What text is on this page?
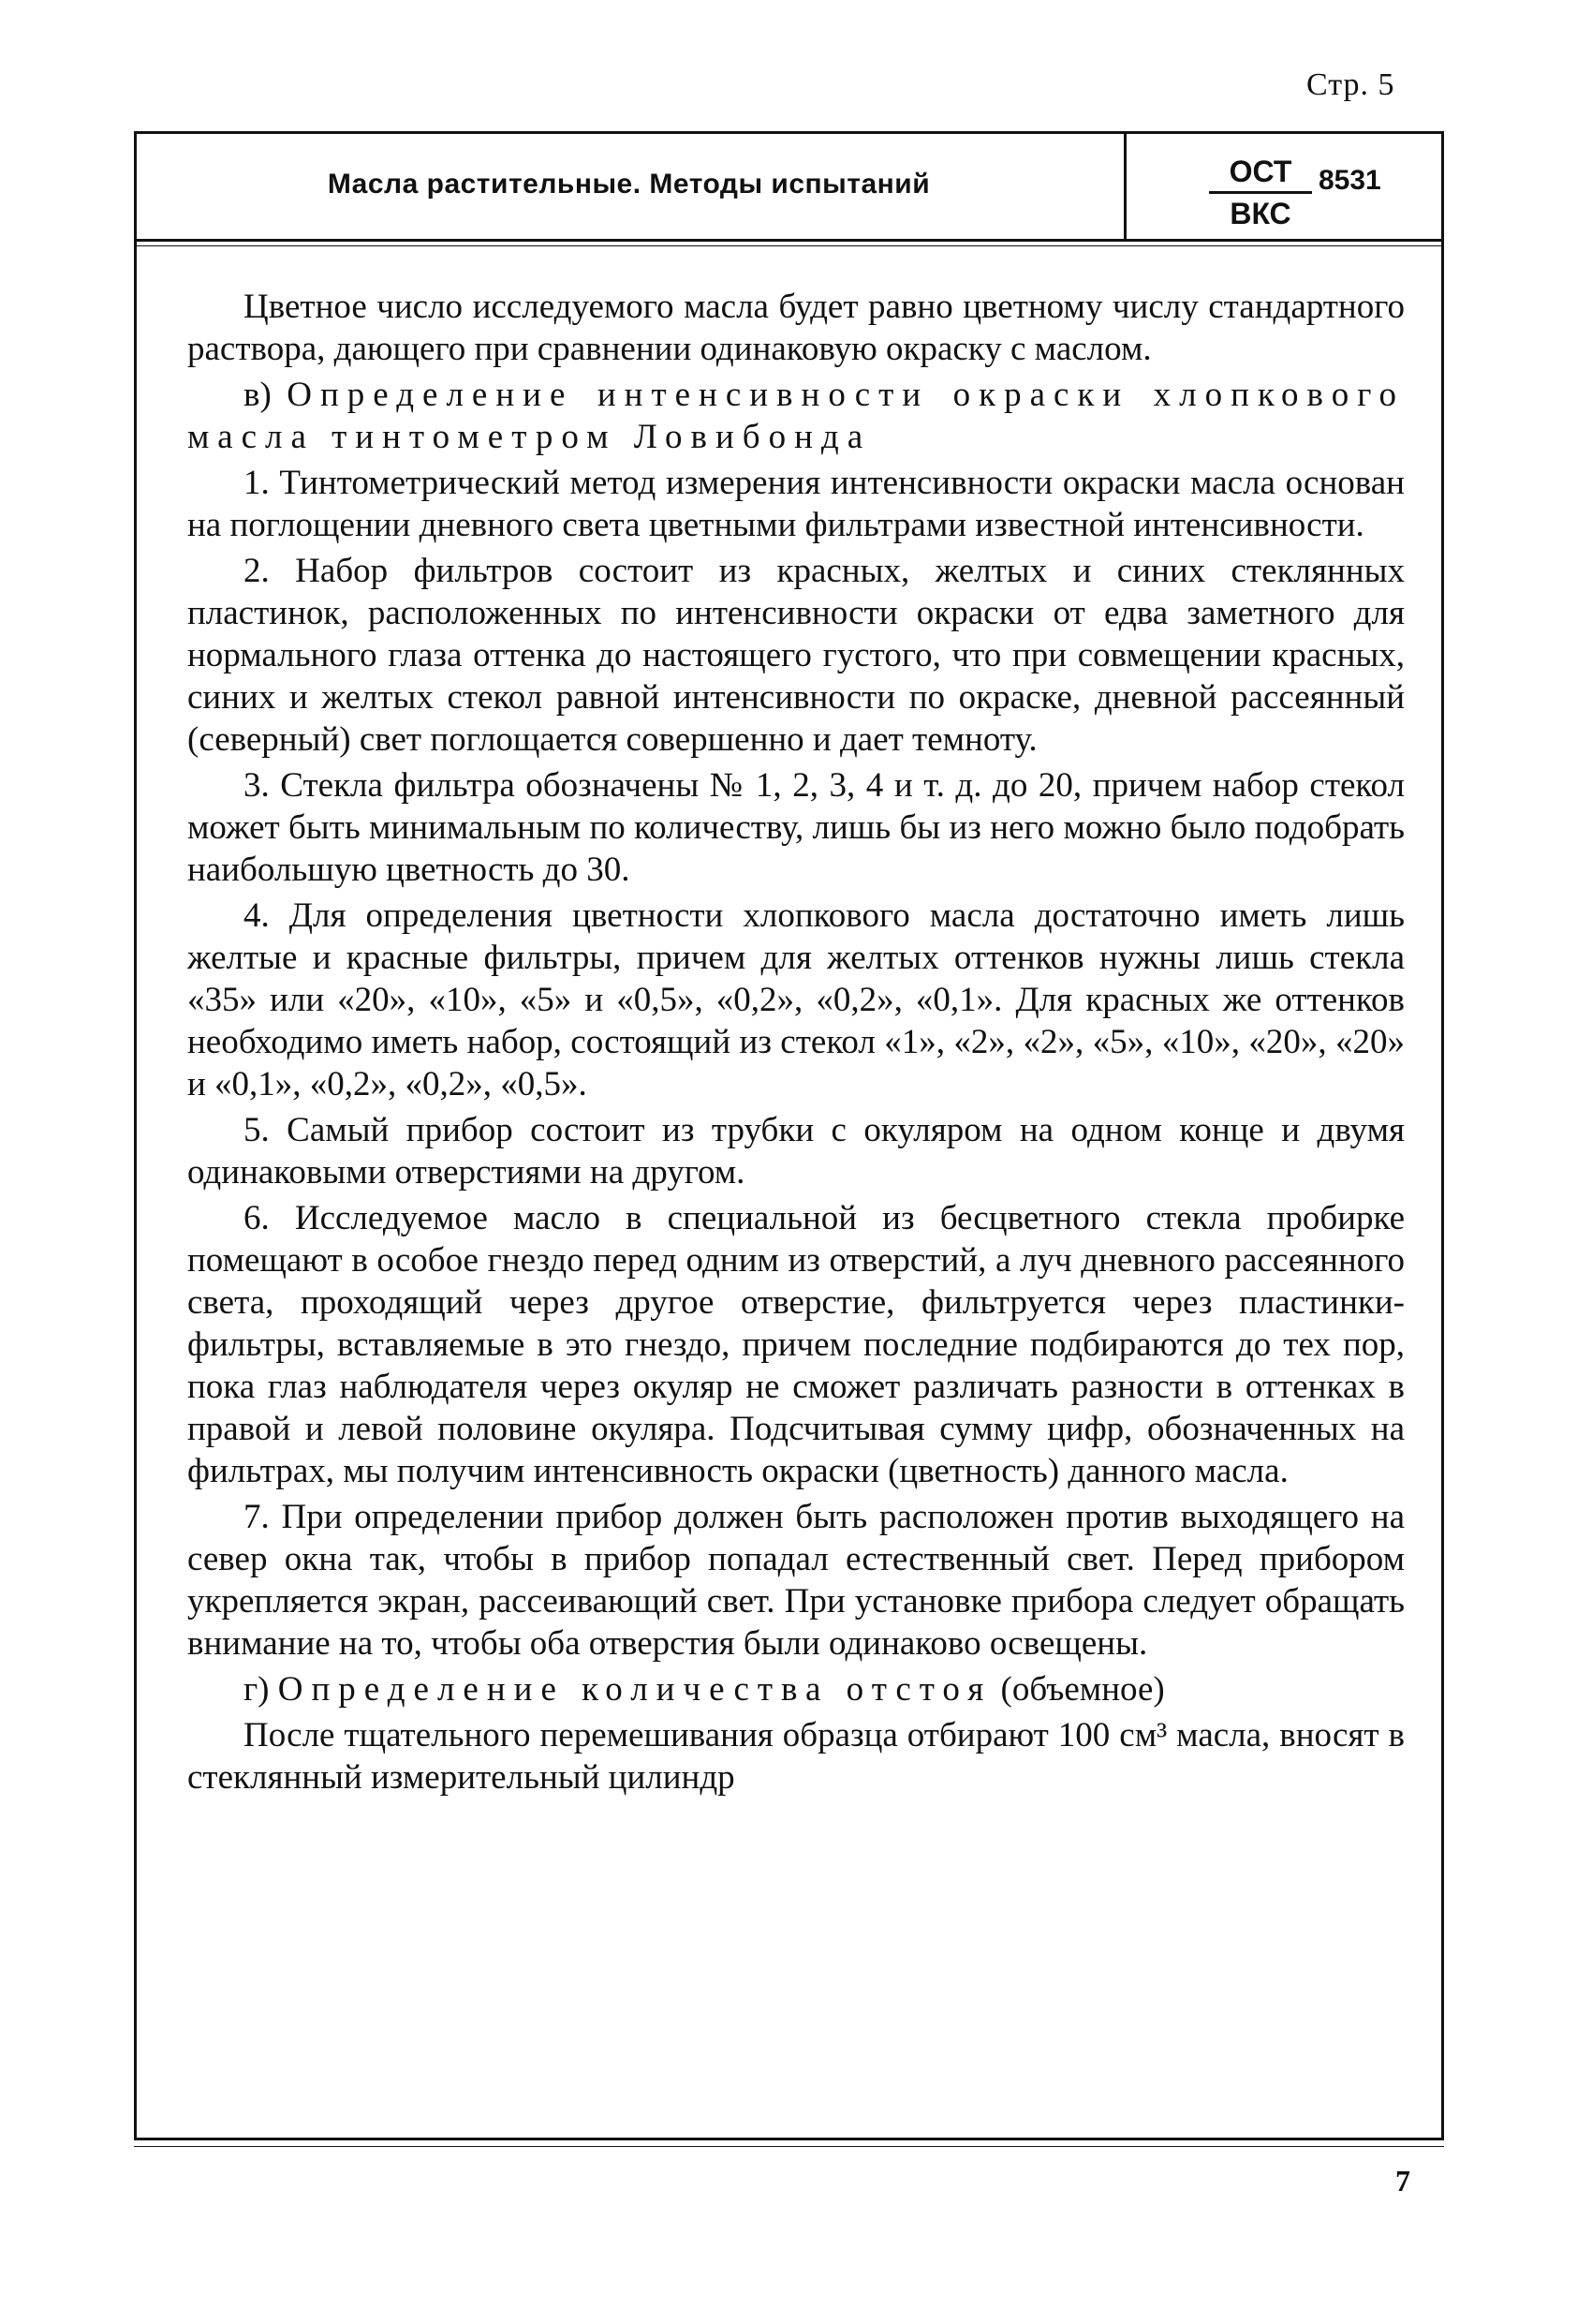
Стр. 5
Масла растительные. Методы испытаний	ОСТ
ВКС
8531

Цветное число исследуемого масла будет равно цветному числу стандартного раствора, дающего при сравнении одинаковую окраску с маслом.

в) Определение интенсивности окраски хлопкового масла тинтометром Ловибонда

1. Тинтометрический метод измерения интенсивности окраски масла основан на поглощении дневного света цветными фильтрами известной интенсивности.

2. Набор фильтров состоит из красных, желтых и синих стеклянных пластинок, расположенных по интенсивности окраски от едва заметного для нормального глаза оттенка до настоящего густого, что при совмещении красных, синих и желтых стекол равной интенсивности по окраске, дневной рассеянный (северный) свет поглощается совершенно и дает темноту.

3. Стекла фильтра обозначены № 1, 2, 3, 4 и т. д. до 20, причем набор стекол может быть минимальным по количеству, лишь бы из него можно было подобрать наибольшую цветность до 30.

4. Для определения цветности хлопкового масла достаточно иметь лишь желтые и красные фильтры, причем для желтых оттенков нужны лишь стекла «35» или «20», «10», «5» и «0,5», «0,2», «0,2», «0,1». Для красных же оттенков необходимо иметь набор, состоящий из стекол «1», «2», «2», «5», «10», «20», «20» и «0,1», «0,2», «0,2», «0,5».

5. Самый прибор состоит из трубки с окуляром на одном конце и двумя одинаковыми отверстиями на другом.

6. Исследуемое масло в специальной из бесцветного стекла пробирке помещают в особое гнездо перед одним из отверстий, а луч дневного рассеянного света, проходящий через другое отверстие, фильтруется через пластинки-фильтры, вставляемые в это гнездо, причем последние подбираются до тех пор, пока глаз наблюдателя через окуляр не сможет различать разности в оттенках в правой и левой половине окуляра. Подсчитывая сумму цифр, обозначенных на фильтрах, мы получим интенсивность окраски (цветность) данного масла.

7. При определении прибор должен быть расположен против выходящего на север окна так, чтобы в прибор попадал естественный свет. Перед прибором укрепляется экран, рассеивающий свет. При установке прибора следует обращать внимание на то, чтобы оба отверстия были одинаково освещены.

г) Определение количества отстоя (объемное)

После тщательного перемешивания образца отбирают 100 см³ масла, вносят в стеклянный измерительный цилиндр

7
